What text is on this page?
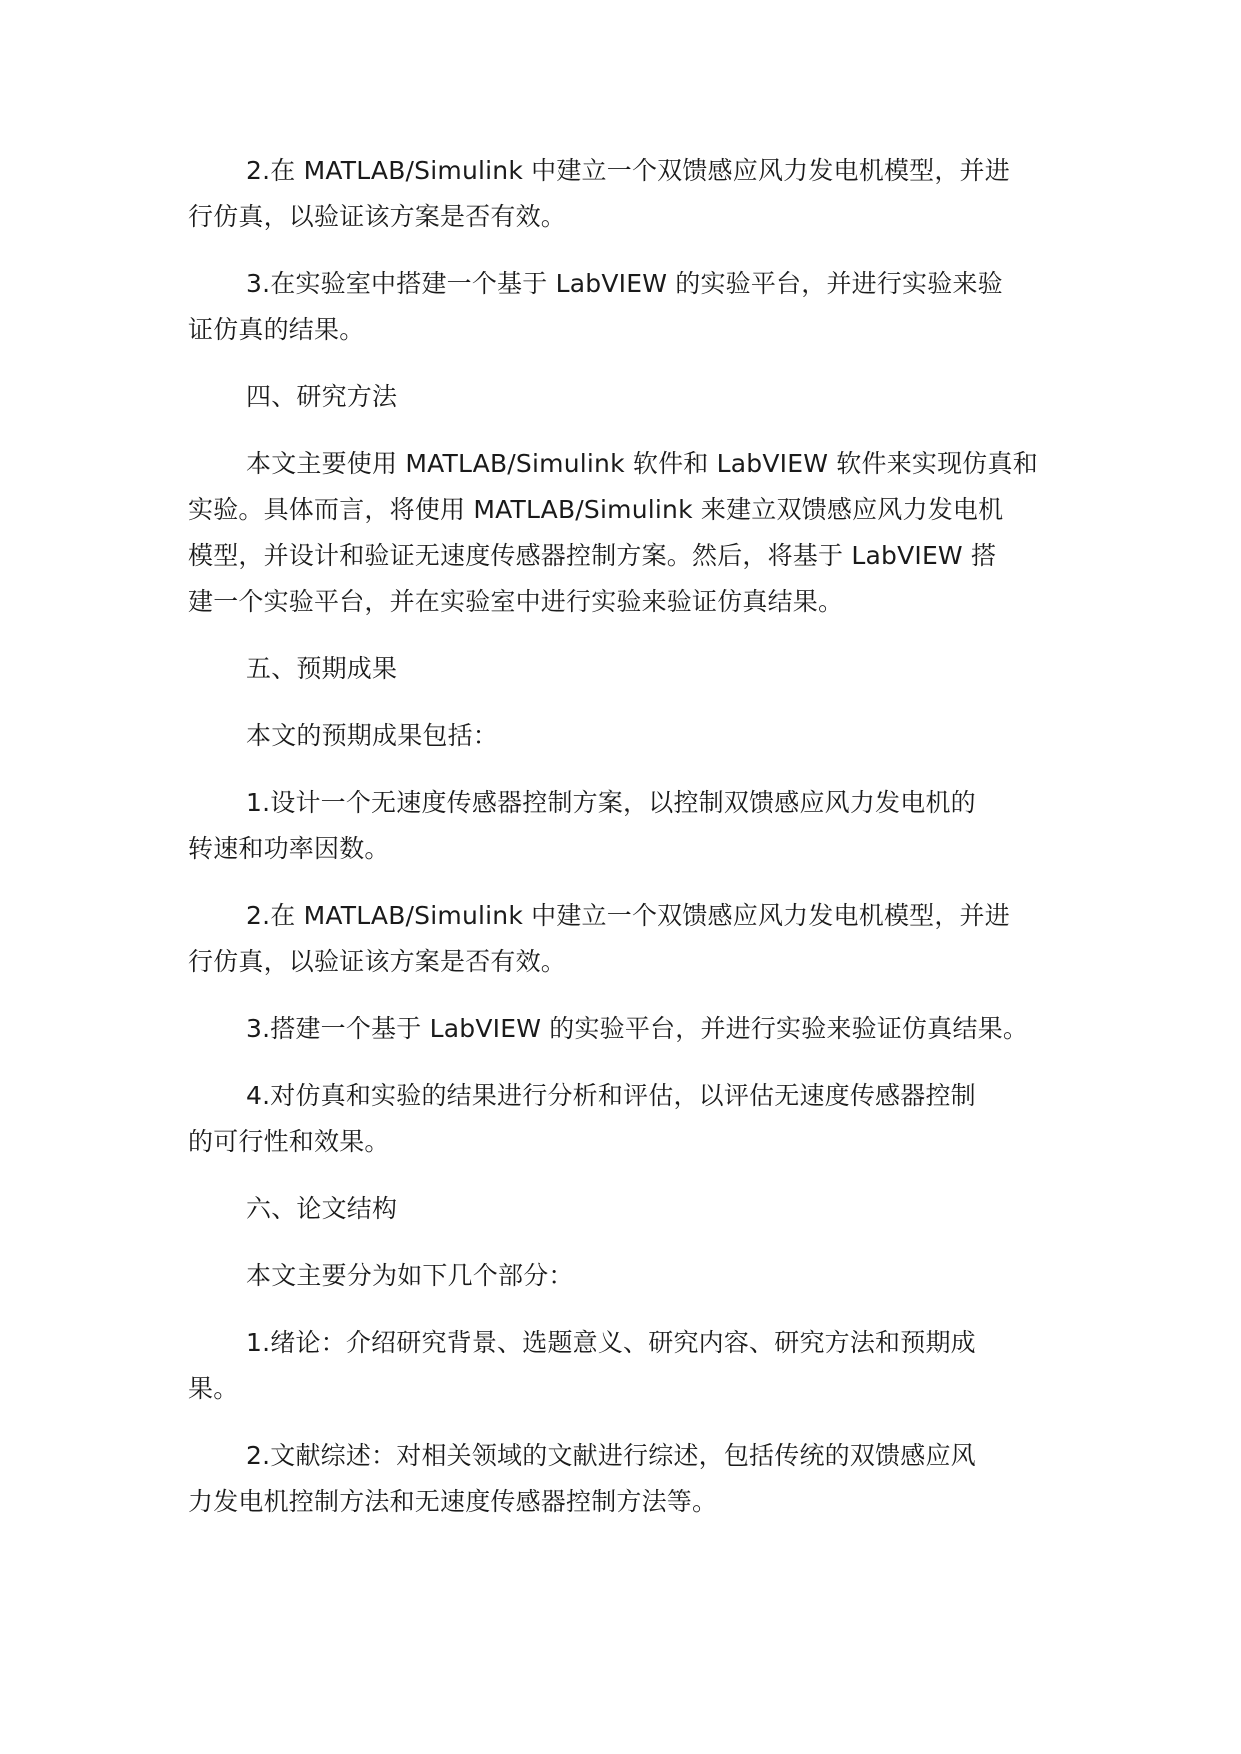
2.在 MATLAB/Simulink 中建立一个双馈感应风力发电机模型，并进
行仿真，以验证该方案是否有效。

3.在实验室中搭建一个基于 LabVIEW 的实验平台，并进行实验来验
证仿真的结果。

四、研究方法

本文主要使用 MATLAB/Simulink 软件和 LabVIEW 软件来实现仿真和
实验。具体而言，将使用 MATLAB/Simulink 来建立双馈感应风力发电机
模型，并设计和验证无速度传感器控制方案。然后，将基于 LabVIEW 搭
建一个实验平台，并在实验室中进行实验来验证仿真结果。

五、预期成果

本文的预期成果包括：

1.设计一个无速度传感器控制方案，以控制双馈感应风力发电机的
转速和功率因数。

2.在 MATLAB/Simulink 中建立一个双馈感应风力发电机模型，并进
行仿真，以验证该方案是否有效。

3.搭建一个基于 LabVIEW 的实验平台，并进行实验来验证仿真结果。

4.对仿真和实验的结果进行分析和评估，以评估无速度传感器控制
的可行性和效果。

六、论文结构

本文主要分为如下几个部分：

1.绪论：介绍研究背景、选题意义、研究内容、研究方法和预期成
果。

2.文献综述：对相关领域的文献进行综述，包括传统的双馈感应风
力发电机控制方法和无速度传感器控制方法等。
